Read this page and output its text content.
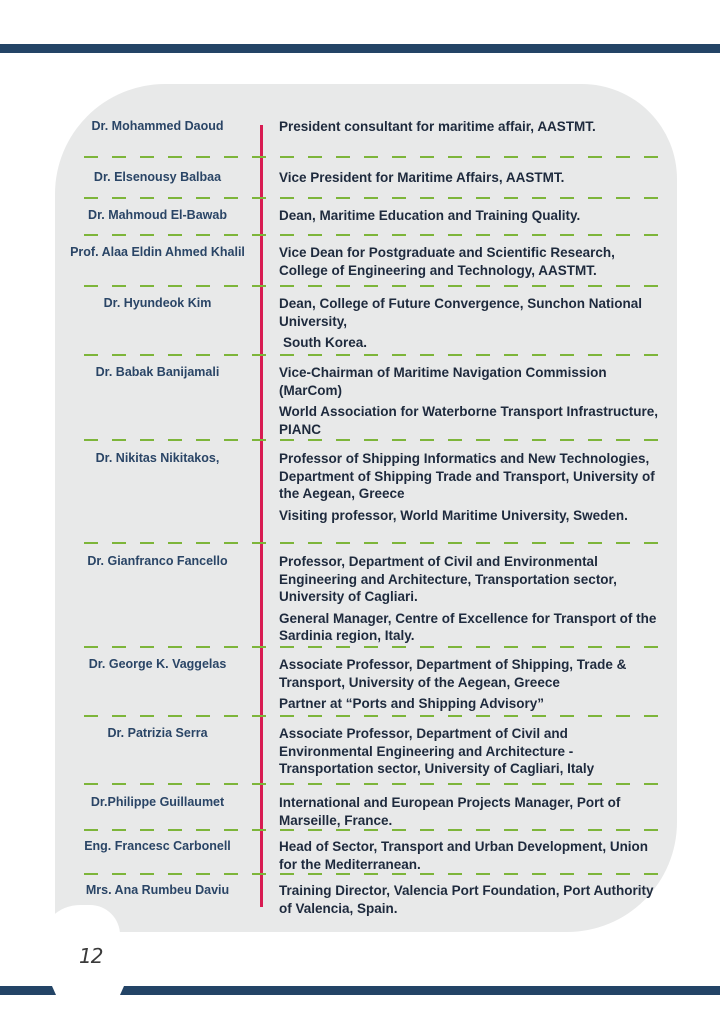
Dr. Mohammed Daoud	President consultant for maritime affair, AASTMT.

Dr. Elsenousy Balbaa	Vice President for Maritime Affairs, AASTMT.

Dr. Mahmoud El-Bawab	Dean, Maritime Education and Training Quality.

Prof. Alaa Eldin Ahmed Khalil	Vice Dean for Postgraduate and Scientific Research, College of Engineering and Technology, AASTMT.

Dr. Hyundeok Kim	Dean, College of Future Convergence, Sunchon National University,

South Korea.

Dr. Babak Banijamali	Vice-Chairman of Maritime Navigation Commission (MarCom)

World Association for Waterborne Transport Infrastructure, PIANC

Dr. Nikitas Nikitakos,	Professor of Shipping Informatics and New Technologies, Department of Shipping Trade and Transport, University of the Aegean, Greece

Visiting professor, World Maritime University, Sweden.

Dr. Gianfranco Fancello	Professor, Department of Civil and Environmental Engineering and Architecture, Transportation sector, University of Cagliari.

General Manager, Centre of Excellence for Transport of the Sardinia region, Italy.

Dr. George K. Vaggelas	Associate Professor, Department of Shipping, Trade & Transport, University of the Aegean, Greece

Partner at “Ports and Shipping Advisory”

Dr. Patrizia Serra	Associate Professor, Department of Civil and Environmental Engineering and Architecture - Transportation sector, University of Cagliari, Italy

Dr.Philippe Guillaumet	International and European Projects Manager, Port of Marseille, France.

Eng. Francesc Carbonell	Head of Sector, Transport and Urban Development, Union for the Mediterranean.

Mrs. Ana Rumbeu Daviu	Training Director, Valencia Port Foundation, Port Authority of Valencia, Spain.

12
